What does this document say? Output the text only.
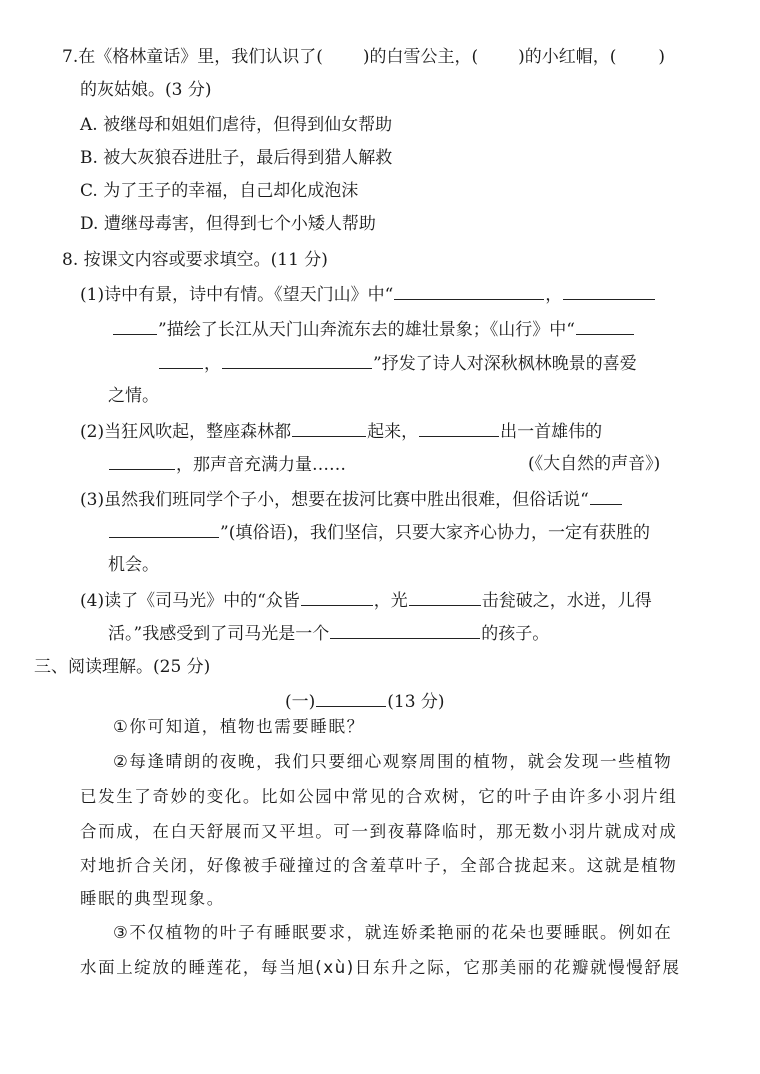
7.在《格林童话》里，我们认识了( )的白雪公主，( )的小红帽，( )
的灰姑娘。(3 分)
A. 被继母和姐姐们虐待，但得到仙女帮助
B. 被大灰狼吞进肚子，最后得到猎人解救
C. 为了王子的幸福，自己却化成泡沫
D. 遭继母毒害，但得到七个小矮人帮助
8. 按课文内容或要求填空。(11 分)
(1)诗中有景，诗中有情。《望天门山》中“	，
”描绘了长江从天门山奔流东去的雄壮景象；《山行》中“
，	”抒发了诗人对深秋枫林晚景的喜爱
之情。
(2)当狂风吹起，整座森林都	起来，	出一首雄伟的
，那声音充满力量……	(《大自然的声音》)
(3)虽然我们班同学个子小，想要在拔河比赛中胜出很难，但俗话说“
”(填俗语)，我们坚信，只要大家齐心协力，一定有获胜的
机会。
(4)读了《司马光》中的“众皆	，光	击瓮破之，水迸，儿得
活。”我感受到了司马光是一个	的孩子。
三、阅读理解。(25 分)
(一)	(13 分)
①你可知道，植物也需要睡眠？
②每逢晴朗的夜晚，我们只要细心观察周围的植物，就会发现一些植物
已发生了奇妙的变化。比如公园中常见的合欢树，它的叶子由许多小羽片组
合而成，在白天舒展而又平坦。可一到夜幕降临时，那无数小羽片就成对成
对地折合关闭，好像被手碰撞过的含羞草叶子，全部合拢起来。这就是植物
睡眠的典型现象。
③不仅植物的叶子有睡眠要求，就连娇柔艳丽的花朵也要睡眠。例如在
水面上绽放的睡莲花，每当旭(xù)日东升之际，它那美丽的花瓣就慢慢舒展
